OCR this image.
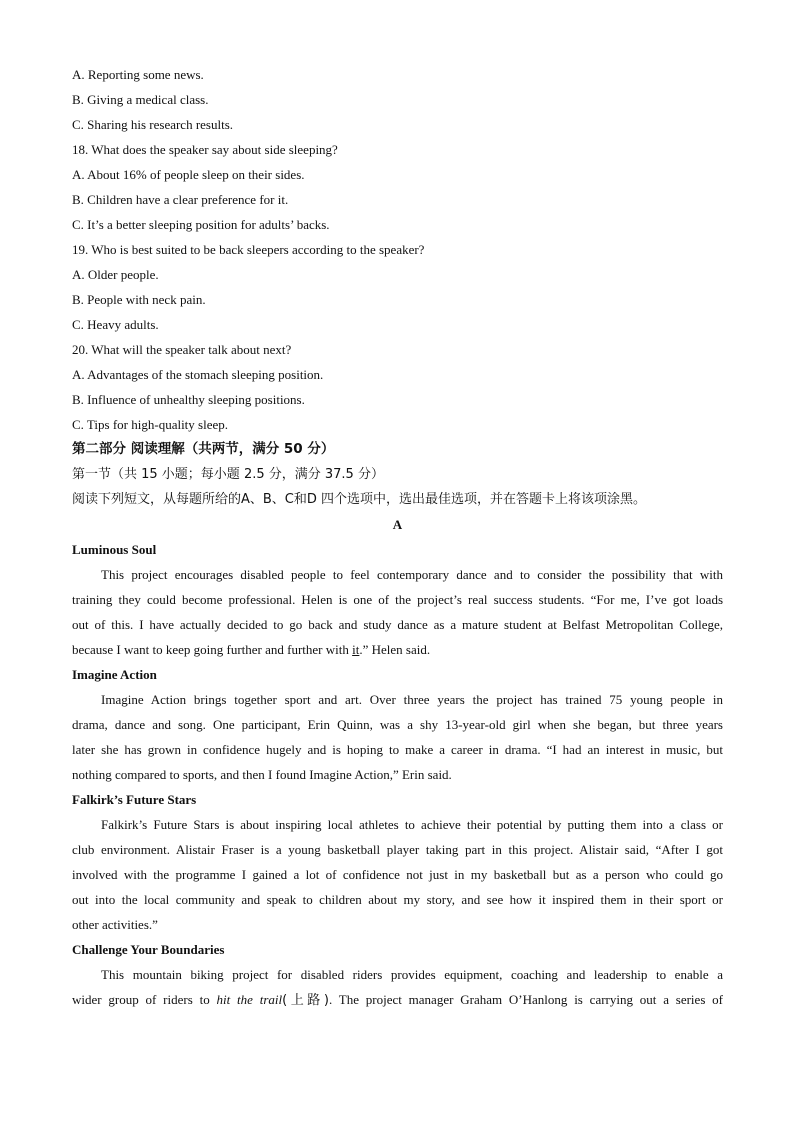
A. Reporting some news.

B. Giving a medical class.

C. Sharing his research results.

18. What does the speaker say about side sleeping?

A. About 16% of people sleep on their sides.

B. Children have a clear preference for it.

C. It’s a better sleeping position for adults’ backs.

19. Who is best suited to be back sleepers according to the speaker?

A. Older people.

B. People with neck pain.

C. Heavy adults.

20. What will the speaker talk about next?

A. Advantages of the stomach sleeping position.

B. Influence of unhealthy sleeping positions.

C. Tips for high-quality sleep.

第二部分 阅读理解（共两节，满分 50 分）

第一节（共 15 小题；每小题 2.5 分，满分 37.5 分）

阅读下列短文，从每题所给的A、B、C和D 四个选项中，选出最佳选项，并在答题卡上将该项涂黑。

A

Luminous Soul

This project encourages disabled people to feel contemporary dance and to consider the possibility that with
training they could become professional. Helen is one of the project’s real success students. “For me, I’ve got loads
out of this. I have actually decided to go back and study dance as a mature student at Belfast Metropolitan College,
because I want to keep going further and further with it.” Helen said.

Imagine Action

Imagine Action brings together sport and art. Over three years the project has trained 75 young people in
drama, dance and song. One participant, Erin Quinn, was a shy 13-year-old girl when she began, but three years
later she has grown in confidence hugely and is hoping to make a career in drama. “I had an interest in music, but
nothing compared to sports, and then I found Imagine Action,” Erin said.

Falkirk’s Future Stars

Falkirk’s Future Stars is about inspiring local athletes to achieve their potential by putting them into a class or
club environment. Alistair Fraser is a young basketball player taking part in this project. Alistair said, “After I got
involved with the programme I gained a lot of confidence not just in my basketball but as a person who could go
out into the local community and speak to children about my story, and see how it inspired them in their sport or
other activities.”

Challenge Your Boundaries

This mountain biking project for disabled riders provides equipment, coaching and leadership to enable a
wider group of riders to hit the trail(上路). The project manager Graham O’Hanlong is carrying out a series of
